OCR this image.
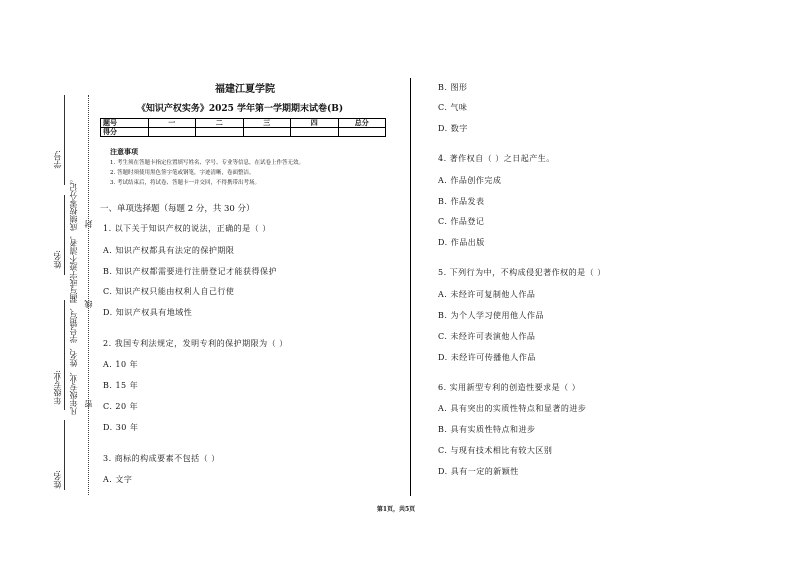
学号:
姓名:
年级专业:
姓名:
凡年级专业、姓名、学号错写、漏写或字迹不清者，成绩按零分记。 封
线
密
福建江夏学院
《知识产权实务》2025 学年第一学期期末试卷(B)
题号	一	二	三	四	总分
得分					
注意事项
1. 考生须在答题卡指定位置填写姓名、学号、专业等信息，在试卷上作答无效。
2. 答题时须使用黑色签字笔或钢笔，字迹清晰，卷面整洁。
3. 考试结束后，将试卷、答题卡一并交回，不得携带出考场。
一、单项选择题（每题 2 分，共 30 分）
1. 以下关于知识产权的说法，正确的是（ ）
A. 知识产权都具有法定的保护期限
B. 知识产权都需要进行注册登记才能获得保护
C. 知识产权只能由权利人自己行使
D. 知识产权具有地域性
2. 我国专利法规定，发明专利的保护期限为（ ）
A. 10 年
B. 15 年
C. 20 年
D. 30 年
3. 商标的构成要素不包括（ ）
A. 文字
B. 图形
C. 气味
D. 数字
4. 著作权自（ ）之日起产生。
A. 作品创作完成
B. 作品发表
C. 作品登记
D. 作品出版
5. 下列行为中，不构成侵犯著作权的是（ ）
A. 未经许可复制他人作品
B. 为个人学习使用他人作品
C. 未经许可表演他人作品
D. 未经许可传播他人作品
6. 实用新型专利的创造性要求是（ ）
A. 具有突出的实质性特点和显著的进步
B. 具有实质性特点和进步
C. 与现有技术相比有较大区别
D. 具有一定的新颖性
第1页，共5页
